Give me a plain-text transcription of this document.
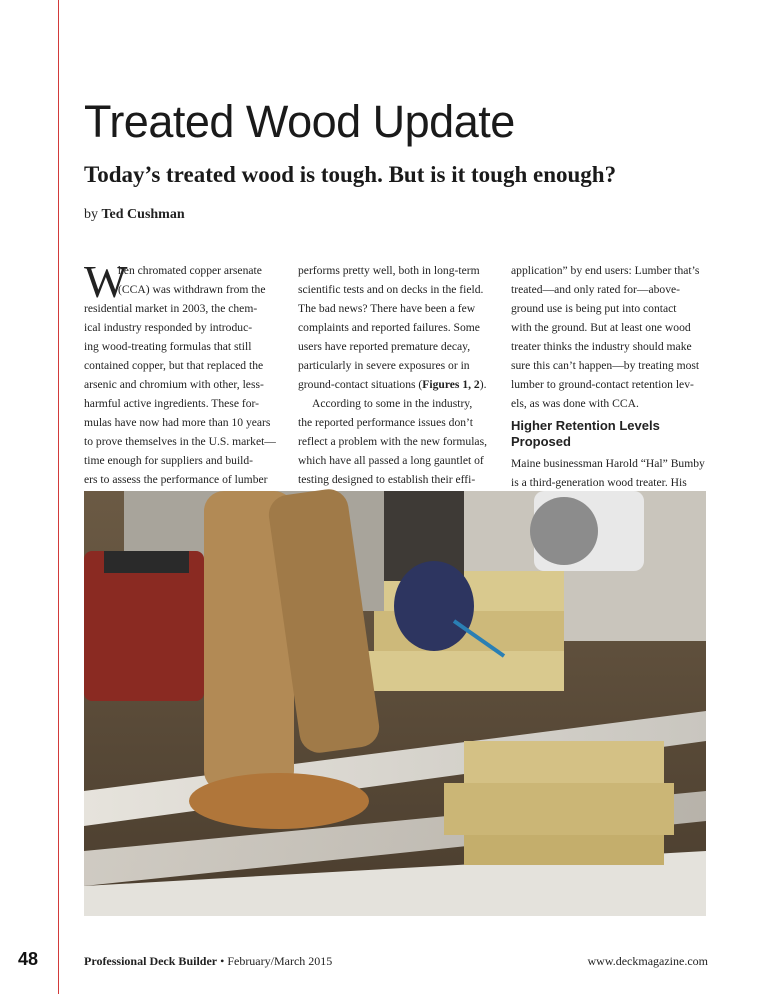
Treated Wood Update
Today’s treated wood is tough. But is it tough enough?
by Ted Cushman
W
hen chromated copper arsenate
(CCA) was withdrawn from the
residential market in 2003, the chem-
ical industry responded by introduc-
ing wood-treating formulas that still
contained copper, but that replaced the
arsenic and chromium with other, less-
harmful active ingredients. These for-
mulas have now had more than 10 years
to prove themselves in the U.S. market—
time enough for suppliers and build-
ers to assess the performance of lumber
performs pretty well, both in long-term
scientific tests and on decks in the field.
The bad news? There have been a few
complaints and reported failures. Some
users have reported premature decay,
particularly in severe exposures or in
ground-contact situations (Figures 1, 2).
According to some in the industry,
the reported performance issues don’t
reflect a problem with the new formulas,
which have all passed a long gauntlet of
testing designed to establish their effi-
application” by end users: Lumber that’s
treated—and only rated for—above-
ground use is being put into contact
with the ground. But at least one wood
treater thinks the industry should make
sure this can’t happen—by treating most
lumber to ground-contact retention lev-
els, as was done with CCA.
Higher Retention Levels
Proposed
Maine businessman Harold “Hal” Bumby
is a third-generation wood treater. His
48	Professional Deck Builder • February/March 2015	www.deckmagazine.com
